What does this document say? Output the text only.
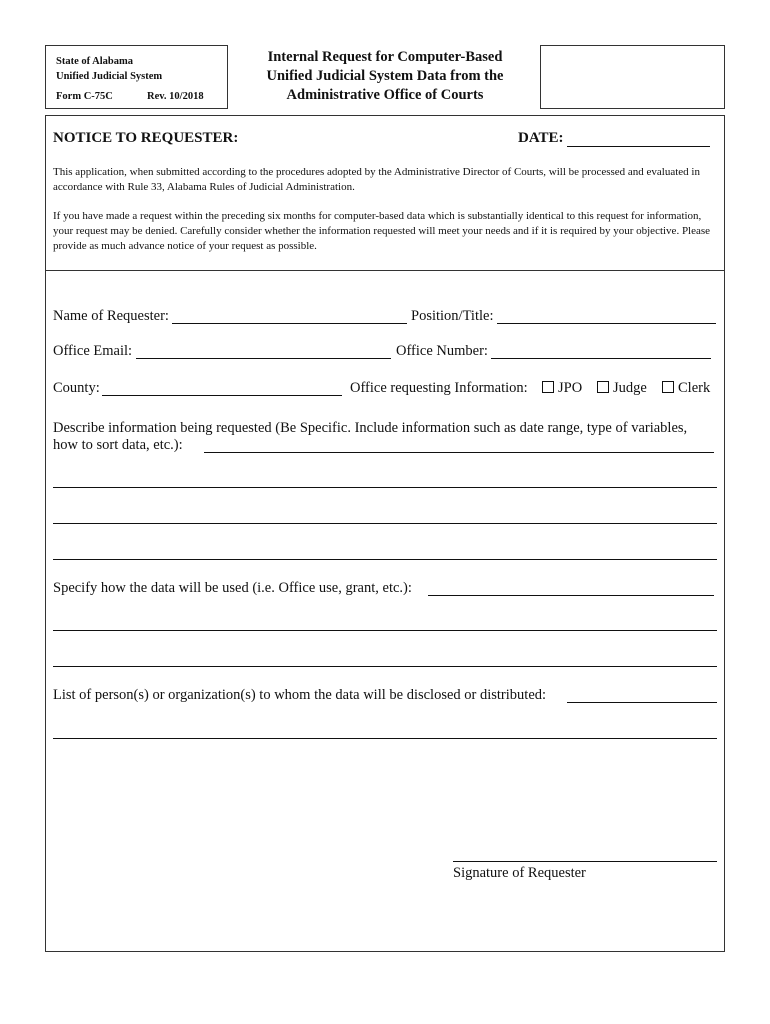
State of Alabama
Unified Judicial System
Form C-75C	Rev. 10/2018
Internal Request for Computer-Based
Unified Judicial System Data from the
Administrative Office of Courts
NOTICE TO REQUESTER:	DATE:
This application, when submitted according to the procedures adopted by the Administrative Director of Courts, will be processed and evaluated in accordance with Rule 33, Alabama Rules of Judicial Administration.
If you have made a request within the preceding six months for computer-based data which is substantially identical to this request for information, your request may be denied. Carefully consider whether the information requested will meet your needs and if it is required by your objective. Please provide as much advance notice of your request as possible.
Name of Requester:	Position/Title:
Office Email:	Office Number:
County:	Office requesting Information:	JPO	Judge	Clerk
Describe information being requested (Be Specific. Include information such as date range, type of variables,
how to sort data, etc.):
Specify how the data will be used (i.e. Office use, grant, etc.):
List of person(s) or organization(s) to whom the data will be disclosed or distributed:
Signature of Requester
